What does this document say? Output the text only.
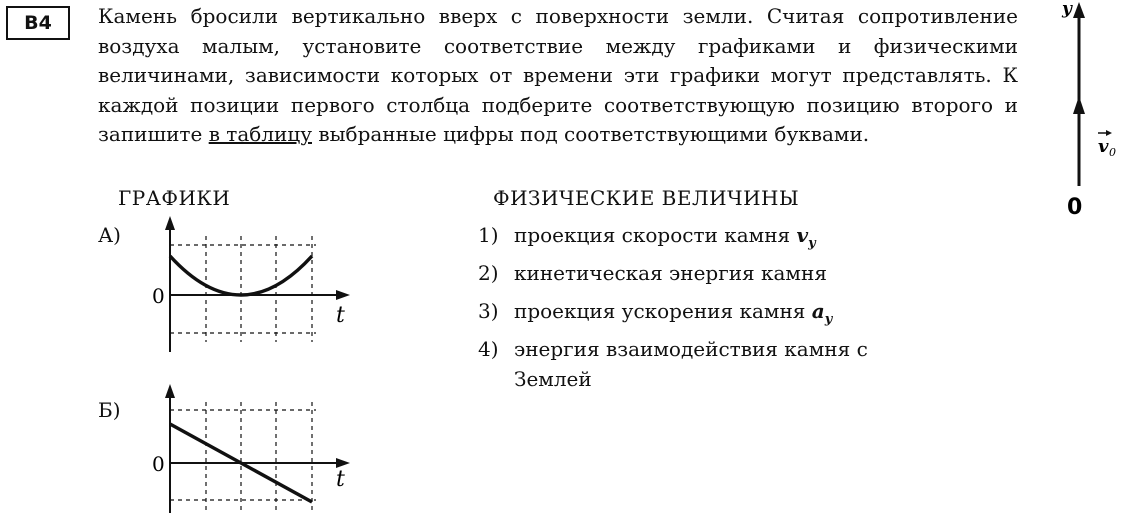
B4	Камень бросили вертикально вверх с поверхности земли. Считая сопротивление воздуха малым, установите соответствие между графиками и физическими величинами, зависимости которых от времени эти графики могут представлять. К каждой позиции первого столбца подберите соответствующую позицию второго и запишите в таблицу выбранные цифры под соответствующими буквами.

y
v 0
0
ГРАФИКИ	ФИЗИЧЕСКИЕ ВЕЛИЧИНЫ
А)
0
t
Б)
0
t
1) проекция скорости камня $v_y$
2) кинетическая энергия камня
3) проекция ускорения камня $a_y$
4) энергия взаимодействия камня с Землей
